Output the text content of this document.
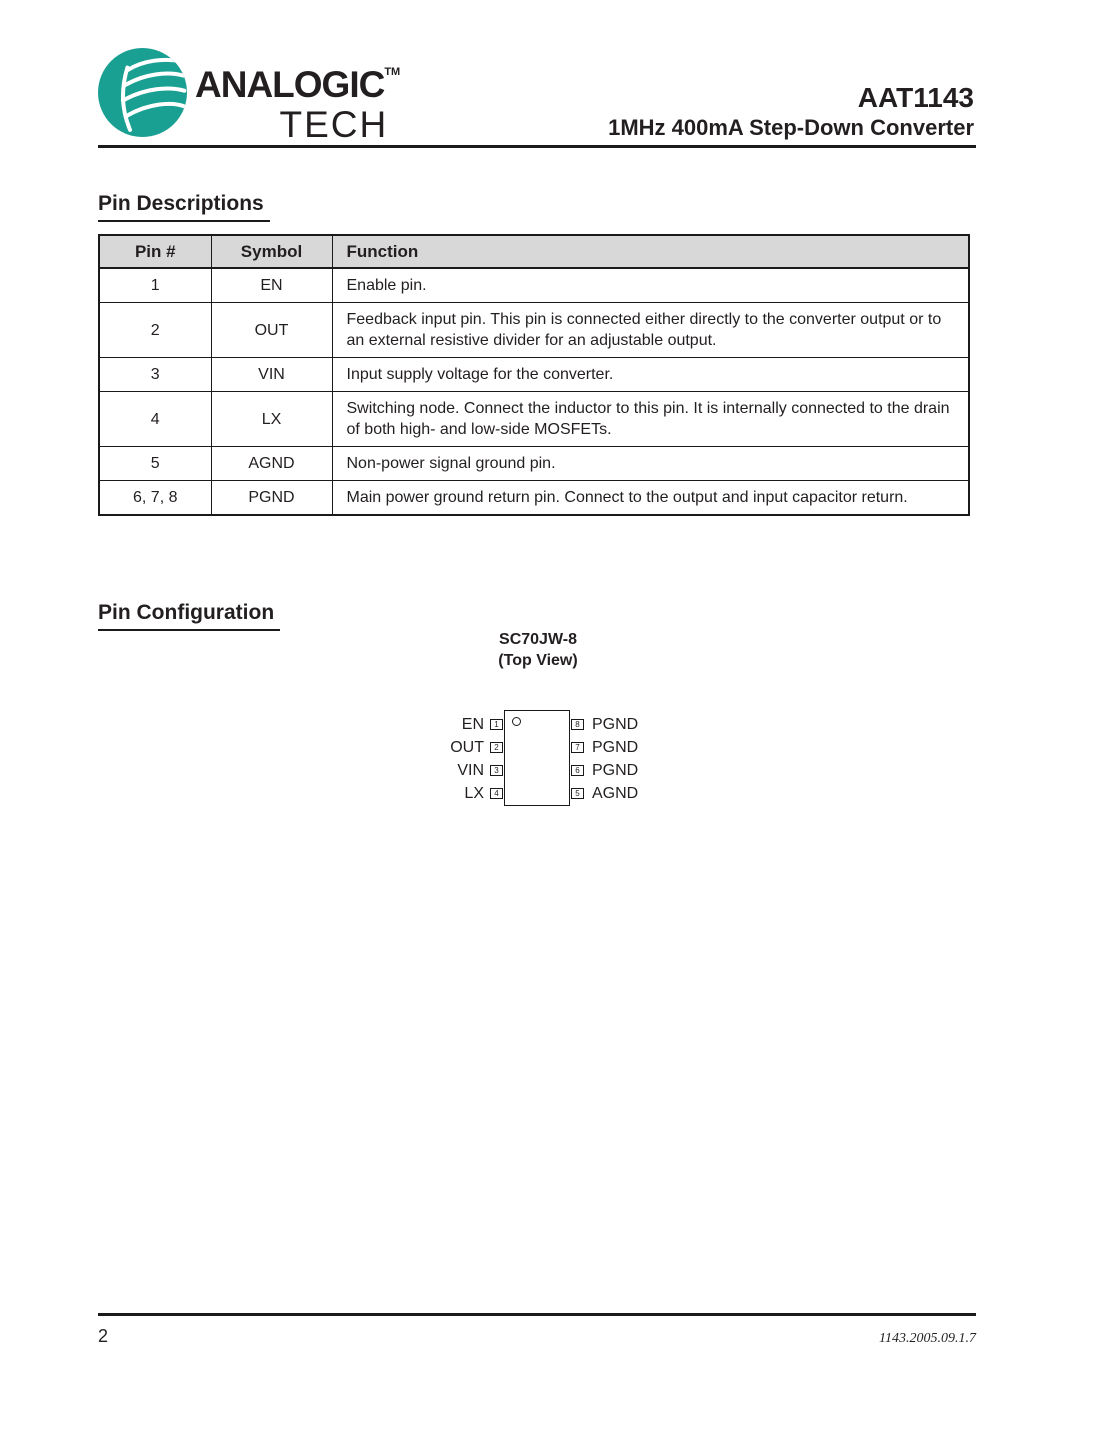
ANALOGIC™
TECH
AAT1143
1MHz 400mA Step-Down Converter
Pin Descriptions
Pin #	Symbol	Function
1	EN	Enable pin.
2	OUT	Feedback input pin. This pin is connected either directly to the converter output or to an external resistive divider for an adjustable output.
3	VIN	Input supply voltage for the converter.
4	LX	Switching node. Connect the inductor to this pin. It is internally connected to the drain of both high- and low-side MOSFETs.
5	AGND	Non-power signal ground pin.
6, 7, 8	PGND	Main power ground return pin. Connect to the output and input capacitor return.
Pin Configuration
SC70JW-8
(Top View)
EN
OUT
VIN
LX
1
2
3
4
8
7
6
5
PGND
PGND
PGND
AGND
2	1143.2005.09.1.7
